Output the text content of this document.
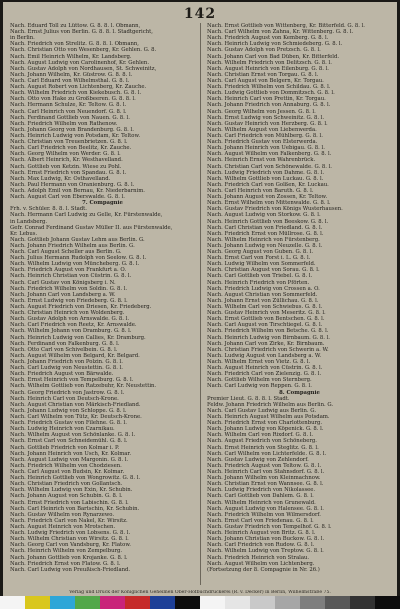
142
Nach. Eduard Toll zu Lüttow. G. 8. 8. l. Obmann,
Nach. Ernst Julius von Berlin. G. 8. 8. l. Stadtgericht,
in Berlin.
Nach. Friedrich von Strelitz. G. 8. 8. l. Obmann,
Nach. Christian Otto von Wesenberg, Kr. Gehlen. G. 8.
Nach. Emil Heinrich Wilhelm, Kr. Landsberg.
Nach. August Ludwig von Carolinenhof, Kr. Gehlen.
Nach. Gustav Adolph von Nordhausen, St. Schweinitz,
Nach. Johann Wilhelm, Kr. Güstrow. G. 8. 8. l.
Nach. Carl Eduard von Wilhelmsthal. G. 8. l.
Nach. August Robert von Lichtenberg, Kr. Zauche.
Nach. Wilhelm Friedrich von Kiekebusch. G. 8. l.
Nach. Otto von Hake zu Großbeeren. G. 8. 8. l.
Nach. Hermann Schulze, Kr. Teltow. G. 8. l.
Nach. Carl Heinrich von Neuendorf. G. 8. l.
Nach. Ferdinand Gottlieb von Nauen. G. 8. l.
Nach. Friedrich Wilhelm von Rathenow.
Nach. Johann Georg von Brandenburg. G. 8. l.
Nach. Heinrich Ludwig von Potsdam, Kr. Teltow.
Nach. Christian von Treuenbrietzen. G. 8. l.
Nach. Carl Friedrich von Beelitz, Kr. Zauche.
Nach. Georg Wilhelm von Werder. G. 8. l.
Nach. Albert Heinrich, Kr. Westhavelland.
Nach. Gottlieb von Ketzin. Wiese zu Pohl.
Nach. Ernst Friedrich von Spandau. G. 8. l.
Nach. Max Ludwig, Kr. Osthavelland.
Nach. Paul Hermann von Oranienburg. G. 8. l.
Nach. Adolph Emil von Bernau, Kr. Niederbarnim.
Nach. August Carl von Eberswalde. G. 8. l.
7. Compagnie
Frh. v. Schüler. 8. 8. l. Stadt.
Nach. Hermann Carl Ludwig zu Gelle, Kr. Fürstenwalde,
in Landsberg.
Gefr. Conrad Ferdinand Gustav Müller II. aus Fürstenwalde,
Kr. Lebus.
Nach. Gottlieb Johann Gustav Lehm aus Berlin. G.
Nach. Johann Friedrich Wilhelm aus Berlin. G.
Nach. Carl August Scheller aus Berlin. G.
Nach. Julius Hermann Rudolph von Seelow. G. 8. l.
Nach. Wilhelm Ludwig von Müncheberg. G. 8. l.
Nach. Friedrich August von Frankfurt a. O.
Nach. Heinrich Christian von Cüstrin. G. 8. l.
Nach. Carl Gustav von Königsberg i. N.
Nach. Friedrich Wilhelm von Soldin. G. 8. l.
Nach. Johann Carl von Landsberg a. W.
Nach. Ernst Ludwig von Friedeberg. G. 8. l.
Nach. August Friedrich von Driesen, Kr. Friedeberg.
Nach. Christian Heinrich von Woldenberg.
Nach. Gustav Adolph von Arnswalde. G. 8. l.
Nach. Carl Friedrich von Reetz, Kr. Arnswalde.
Nach. Wilhelm Johann von Dramburg. G. 8. l.
Nach. Heinrich Ludwig von Callies, Kr. Dramburg.
Nach. Ferdinand von Falkenburg. G. 8. l.
Nach. Otto Carl von Schivelbein. G. 8. l.
Nach. August Wilhelm von Belgard, Kr. Belgard.
Nach. Johann Friedrich von Polzin. G. 8. l.
Nach. Carl Ludwig von Neustettin. G. 8. l.
Nach. Friedrich August von Bärwalde.
Nach. Ernst Heinrich von Tempelburg. G. 8. l.
Nach. Wilhelm Gottlieb von Ratzebuhr, Kr. Neustettin.
Nach. Georg Friedrich von Jastrow. G. 8. l.
Nach. Heinrich Carl von Deutsch-Krone.
Nach. August Christian von Märkisch-Friedland.
Nach. Johann Ludwig von Schloppe. G. 8. l.
Nach. Carl Wilhelm von Tütz, Kr. Deutsch-Krone.
Nach. Friedrich Gustav von Filehne. G. 8. l.
Nach. Ludwig Heinrich von Czarnikau.
Nach. Wilhelm August von Schönlanke. G. 8. l.
Nach. Ernst Carl von Schneidemühl. G. 8. l.
Nach. Gottlieb Friedrich von Kolmar i. P.
Nach. Johann Heinrich von Usch, Kr. Kolmar.
Nach. August Ludwig von Margonin. G. 8. l.
Nach. Friedrich Wilhelm von Chodziesen.
Nach. Carl August von Budsin, Kr. Kolmar.
Nach. Heinrich Gottlieb von Wongrowitz. G. 8. l.
Nach. Christian Friedrich von Gollantsch.
Nach. Wilhelm Ludwig von Exin, Kr. Schubin.
Nach. Johann August von Schubin. G. 8. l.
Nach. Ernst Friedrich von Labischin. G. 8. l.
Nach. Carl Heinrich von Bartschin, Kr. Schubin.
Nach. Gustav Wilhelm von Rynarzewo.
Nach. Friedrich Carl von Nakel, Kr. Wirsitz.
Nach. August Heinrich von Mrotschen.
Nach. Ludwig Friedrich von Lobsens. G. 8. l.
Nach. Wilhelm Christian von Wirsitz. G. 8. l.
Nach. Georg Carl von Vandsburg, Kr. Flatow.
Nach. Heinrich Wilhelm von Zempelburg.
Nach. Johann Gottlieb von Krojanke. G. 8. l.
Nach. Friedrich Ernst von Flatow. G. 8. l.
Nach. Carl Ludwig von Preußisch-Friedland.
Nach. Ernst Gottlieb von Wittenberg, Kr. Bitterfeld. G. 8. l.
Nach. Carl Wilhelm von Zahna, Kr. Wittenberg. G. 8. l.
Nach. Friedrich August von Kemberg. G. 8. l.
Nach. Heinrich Ludwig von Schmiedeberg. G. 8. l.
Nach. Gustav Adolph von Pretzsch. G. 8. l.
Nach. Johann Carl von Bad Düben, Kr. Bitterfeld.
Nach. Wilhelm Friedrich von Delitzsch. G. 8. l.
Nach. August Heinrich von Eilenburg. G. 8. l.
Nach. Christian Ernst von Torgau. G. 8. l.
Nach. Carl August von Belgern, Kr. Torgau.
Nach. Friedrich Wilhelm von Schildau. G. 8. l.
Nach. Ludwig Gottlieb von Dommitzsch. G. 8. l.
Nach. Heinrich Carl von Prettin, Kr. Torgau.
Nach. Johann Friedrich von Annaburg. G. 8. l.
Nach. Georg Wilhelm von Jessen. G. 8. l.
Nach. Ernst Ludwig von Schweinitz. G. 8. l.
Nach. Gustav Heinrich von Herzberg. G. 8. l.
Nach. Wilhelm August von Liebenwerda.
Nach. Carl Friedrich von Mühlberg. G. 8. l.
Nach. Friedrich Gustav von Elsterwerda.
Nach. Johann Heinrich von Uebigau. G. 8. l.
Nach. August Wilhelm von Falkenberg. G. 8. l.
Nach. Heinrich Ernst von Wahrenbrück.
Nach. Christian Carl von Schönewalde. G. 8. l.
Nach. Ludwig Friedrich von Dahme. G. 8. l.
Nach. Wilhelm Gottlieb von Luckau. G. 8. l.
Nach. Friedrich Carl von Golßen, Kr. Luckau.
Nach. Carl Heinrich von Baruth. G. 8. l.
Nach. Johann August von Zossen, Kr. Teltow.
Nach. Ernst Wilhelm von Mittenwalde. G. 8. l.
Nach. Gustav Friedrich von Königs Wusterhausen.
Nach. August Ludwig von Storkow. G. 8. l.
Nach. Heinrich Gottlieb von Beeskow. G. 8. l.
Nach. Carl Christian von Friedland. G. 8. l.
Nach. Friedrich Ernst von Müllrose. G. 8. l.
Nach. Wilhelm Heinrich von Fürstenberg.
Nach. Johann Ludwig von Neuzelle. G. 8. l.
Nach. Georg August von Guben. G. 8. l.
Nach. Ernst Carl von Forst i. L. G. 8. l.
Nach. Ludwig Wilhelm von Sommerfeld.
Nach. Christian August von Sorau. G. 8. l.
Nach. Carl Gottlieb von Triebel. G. 8. l.
Nach. Heinrich Friedrich von Pförten.
Nach. Friedrich Ludwig von Crossen a. O.
Nach. August Christian von Sommerfeld.
Nach. Johann Ernst von Züllichau. G. 8. l.
Nach. Wilhelm Carl von Schwiebus. G. 8. l.
Nach. Gustav Heinrich von Meseritz. G. 8. l.
Nach. Ernst Gottlieb von Bentschen. G. 8. l.
Nach. Carl August von Tirschtiegel. G. 8. l.
Nach. Friedrich Wilhelm von Betsche. G. 8. l.
Nach. Heinrich Ludwig von Birnbaum. G. 8. l.
Nach. Johann Carl von Zirke, Kr. Birnbaum.
Nach. Christian Friedrich von Schwerin a. W.
Nach. Ludwig August von Landsberg a. W.
Nach. Wilhelm Ernst von Vietz. G. 8. l.
Nach. August Heinrich von Cüstrin. G. 8. l.
Nach. Friedrich Carl von Zielenzig. G. 8. l.
Nach. Gottlieb Wilhelm von Sternberg.
Nach. Carl Ludwig von Reppen. G. 8. l.
8. Compagnie
Premier Lieut. G. 8. 8. l. Stadt.
Feldw. Johann Friedrich Wilhelm aus Berlin. G.
Nach. Carl Gustav Ludwig aus Berlin. G.
Nach. Heinrich August Wilhelm aus Potsdam.
Nach. Friedrich Ernst von Charlottenburg.
Nach. Johann Ludwig von Köpenick. G. 8. l.
Nach. Wilhelm Carl von Rixdorf. G. 8. l.
Nach. August Friedrich von Schöneberg.
Nach. Ernst Heinrich von Steglitz. G. 8. l.
Nach. Carl Wilhelm von Lichterfelde. G. 8. l.
Nach. Gustav Ludwig von Zehlendorf.
Nach. Friedrich August von Teltow. G. 8. l.
Nach. Heinrich Carl von Stahnsdorf. G. 8. l.
Nach. Johann Wilhelm von Kleinmachnow.
Nach. Christian Ernst von Wannsee. G. 8. l.
Nach. Ludwig Friedrich von Nikolassee.
Nach. Carl Gottlieb von Dahlem. G. 8. l.
Nach. Wilhelm Heinrich von Grunewald.
Nach. August Ludwig von Halensee. G. 8. l.
Nach. Friedrich Wilhelm von Wilmersdorf.
Nach. Ernst Carl von Friedenau. G. 8. l.
Nach. Gustav Friedrich von Tempelhof. G. 8. l.
Nach. Heinrich August von Britz. G. 8. l.
Nach. Johann Christian von Buckow. G. 8. l.
Nach. Carl Friedrich von Rudow. G. 8. l.
Nach. Wilhelm Ludwig von Treptow. G. 8. l.
Nach. Friedrich Heinrich von Stralau.
Nach. August Wilhelm von Lichtenberg.
(Fortsetzung der 8. Compagnie in Nr. 26.)
Verlag und Druck der Königlichen Geheimen Ober-Hofbuchdruckerei (R. v. Decker) in Berlin, Wilhelmstraße 75.
